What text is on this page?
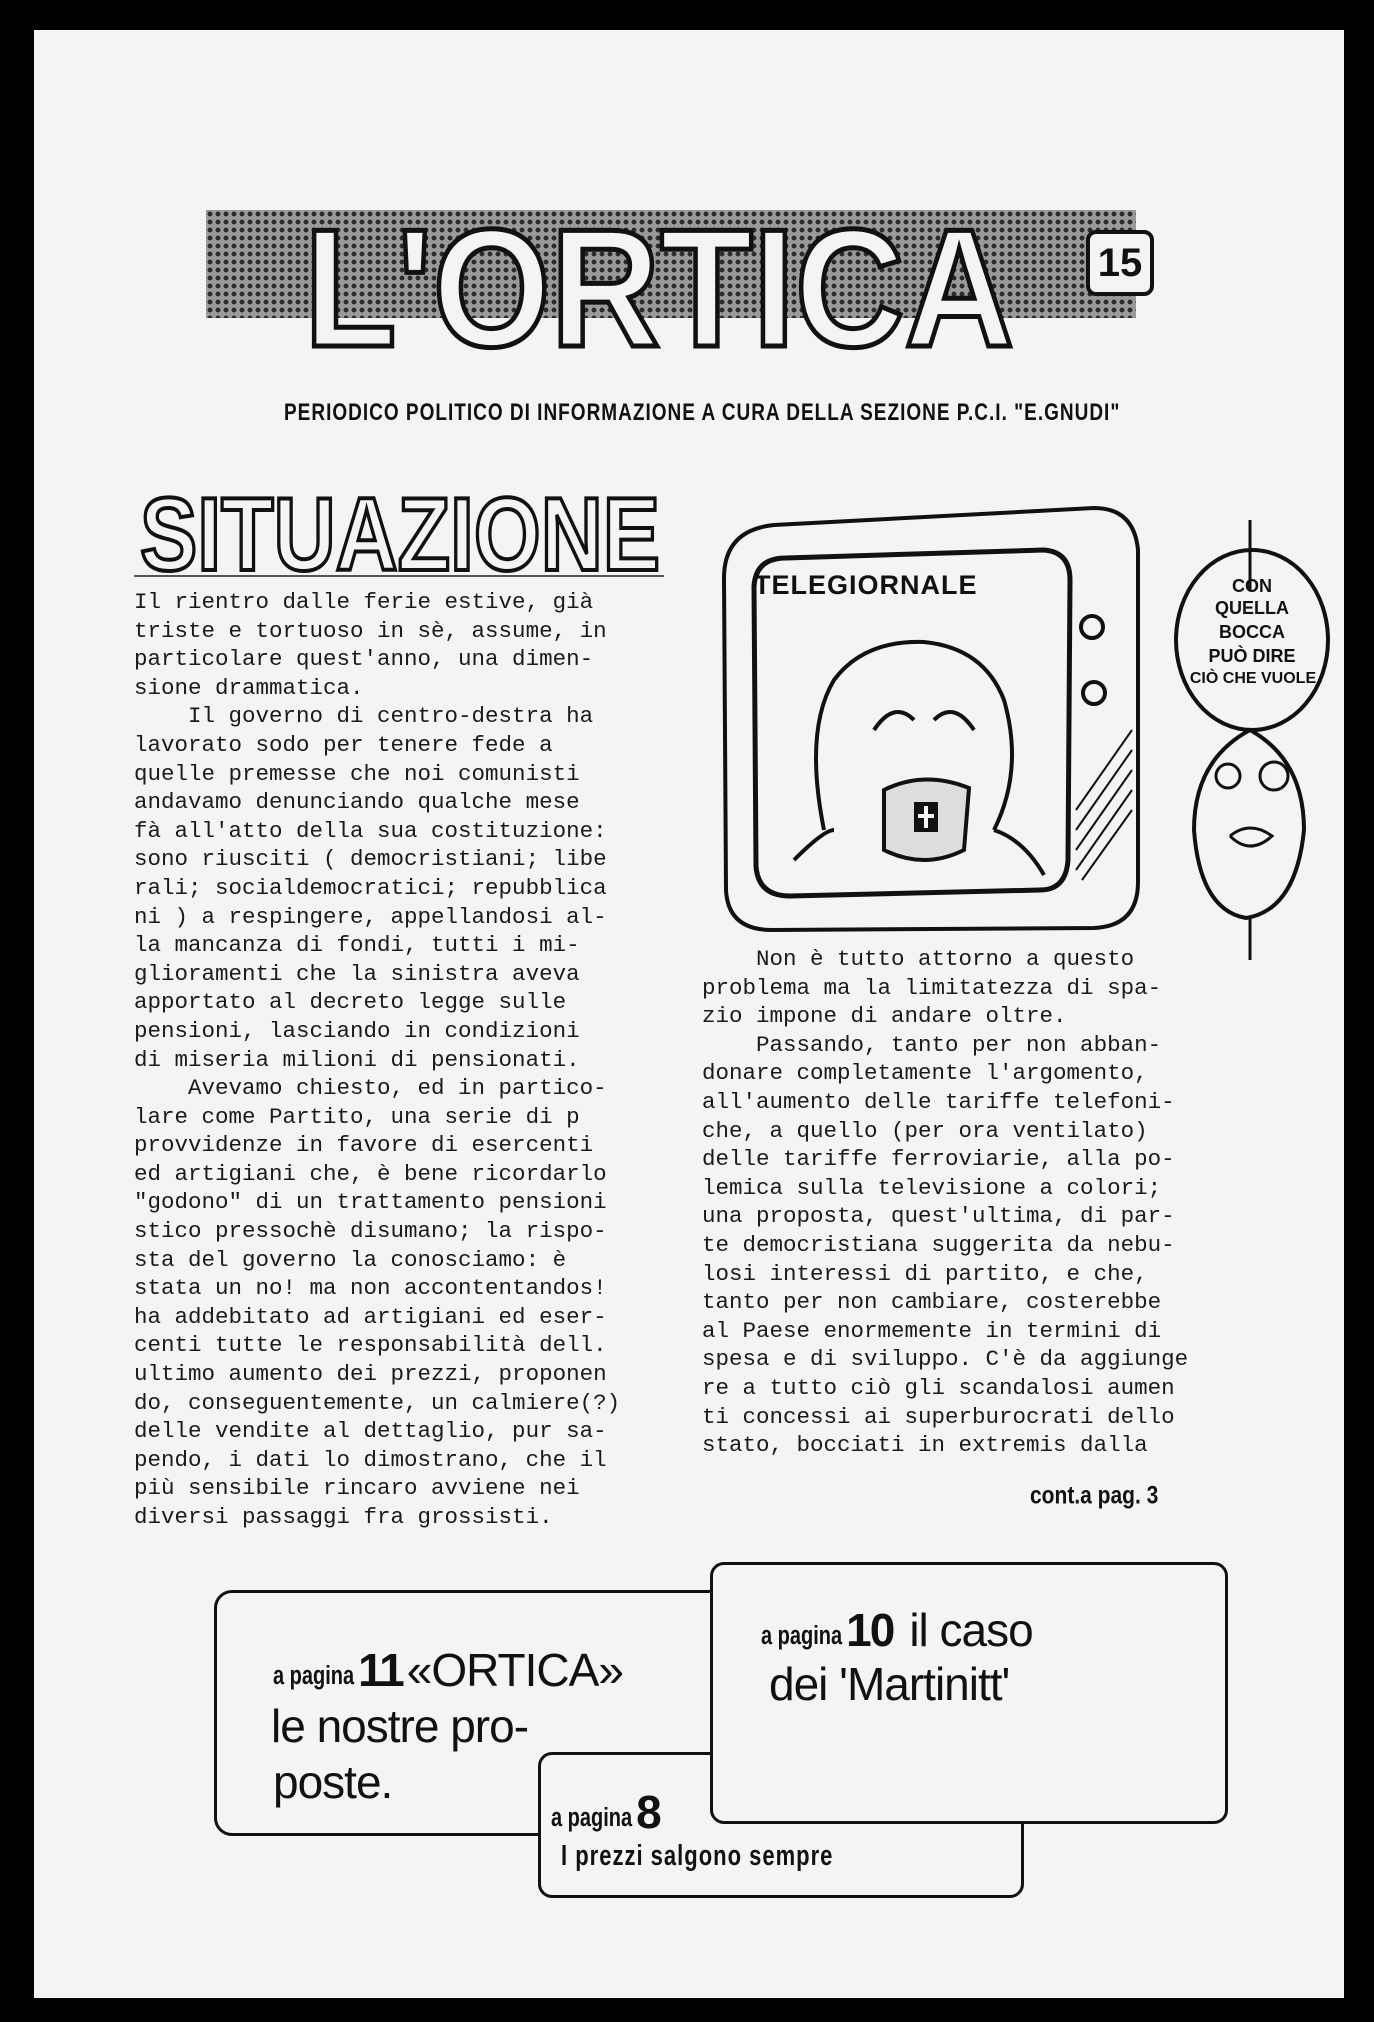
L'ORTICA 15
PERIODICO POLITICO DI INFORMAZIONE A CURA DELLA SEZIONE P.C.I. "E.GNUDI"
SITUAZIONE	TELEGIORNALE	CON
QUELLA
BOCCA
PUÒ DIRE
CIÒ CHE VUOLE
Il rientro dalle ferie estive, già
triste e tortuoso in sè, assume, in
particolare quest'anno, una dimen-
sione drammatica.
Il governo di centro-destra ha
lavorato sodo per tenere fede a
quelle premesse che noi comunisti
andavamo denunciando qualche mese
fà all'atto della sua costituzione:
sono riusciti ( democristiani; libe
rali; socialdemocratici; repubblica
ni ) a respingere, appellandosi al-
la mancanza di fondi, tutti i mi-
glioramenti che la sinistra aveva
apportato al decreto legge sulle
pensioni, lasciando in condizioni
di miseria milioni di pensionati.
Avevamo chiesto, ed in partico-
lare come Partito, una serie di p
provvidenze in favore di esercenti
ed artigiani che, è bene ricordarlo
"godono" di un trattamento pensioni
stico pressochè disumano; la rispo-
sta del governo la conosciamo: è
stata un no! ma non accontentandos!
ha addebitato ad artigiani ed eser-
centi tutte le responsabilità dell.
ultimo aumento dei prezzi, proponen
do, conseguentemente, un calmiere(?)
delle vendite al dettaglio, pur sa-
pendo, i dati lo dimostrano, che il
più sensibile rincaro avviene nei
diversi passaggi fra grossisti.
Non è tutto attorno a questo
problema ma la limitatezza di spa-
zio impone di andare oltre.
Passando, tanto per non abban-
donare completamente l'argomento,
all'aumento delle tariffe telefoni-
che, a quello (per ora ventilato)
delle tariffe ferroviarie, alla po-
lemica sulla televisione a colori;
una proposta, quest'ultima, di par-
te democristiana suggerita da nebu-
losi interessi di partito, e che,
tanto per non cambiare, costerebbe
al Paese enormemente in termini di
spesa e di sviluppo. C'è da aggiunge
re a tutto ciò gli scandalosi aumen
ti concessi ai superburocrati dello
stato, bocciati in extremis dalla
cont.a pag. 3
a pagina 11 «ORTICA»
le nostre pro-
poste.
a pagina 8
I prezzi salgono sempre
a pagina 10 il caso
dei 'Martinitt'
